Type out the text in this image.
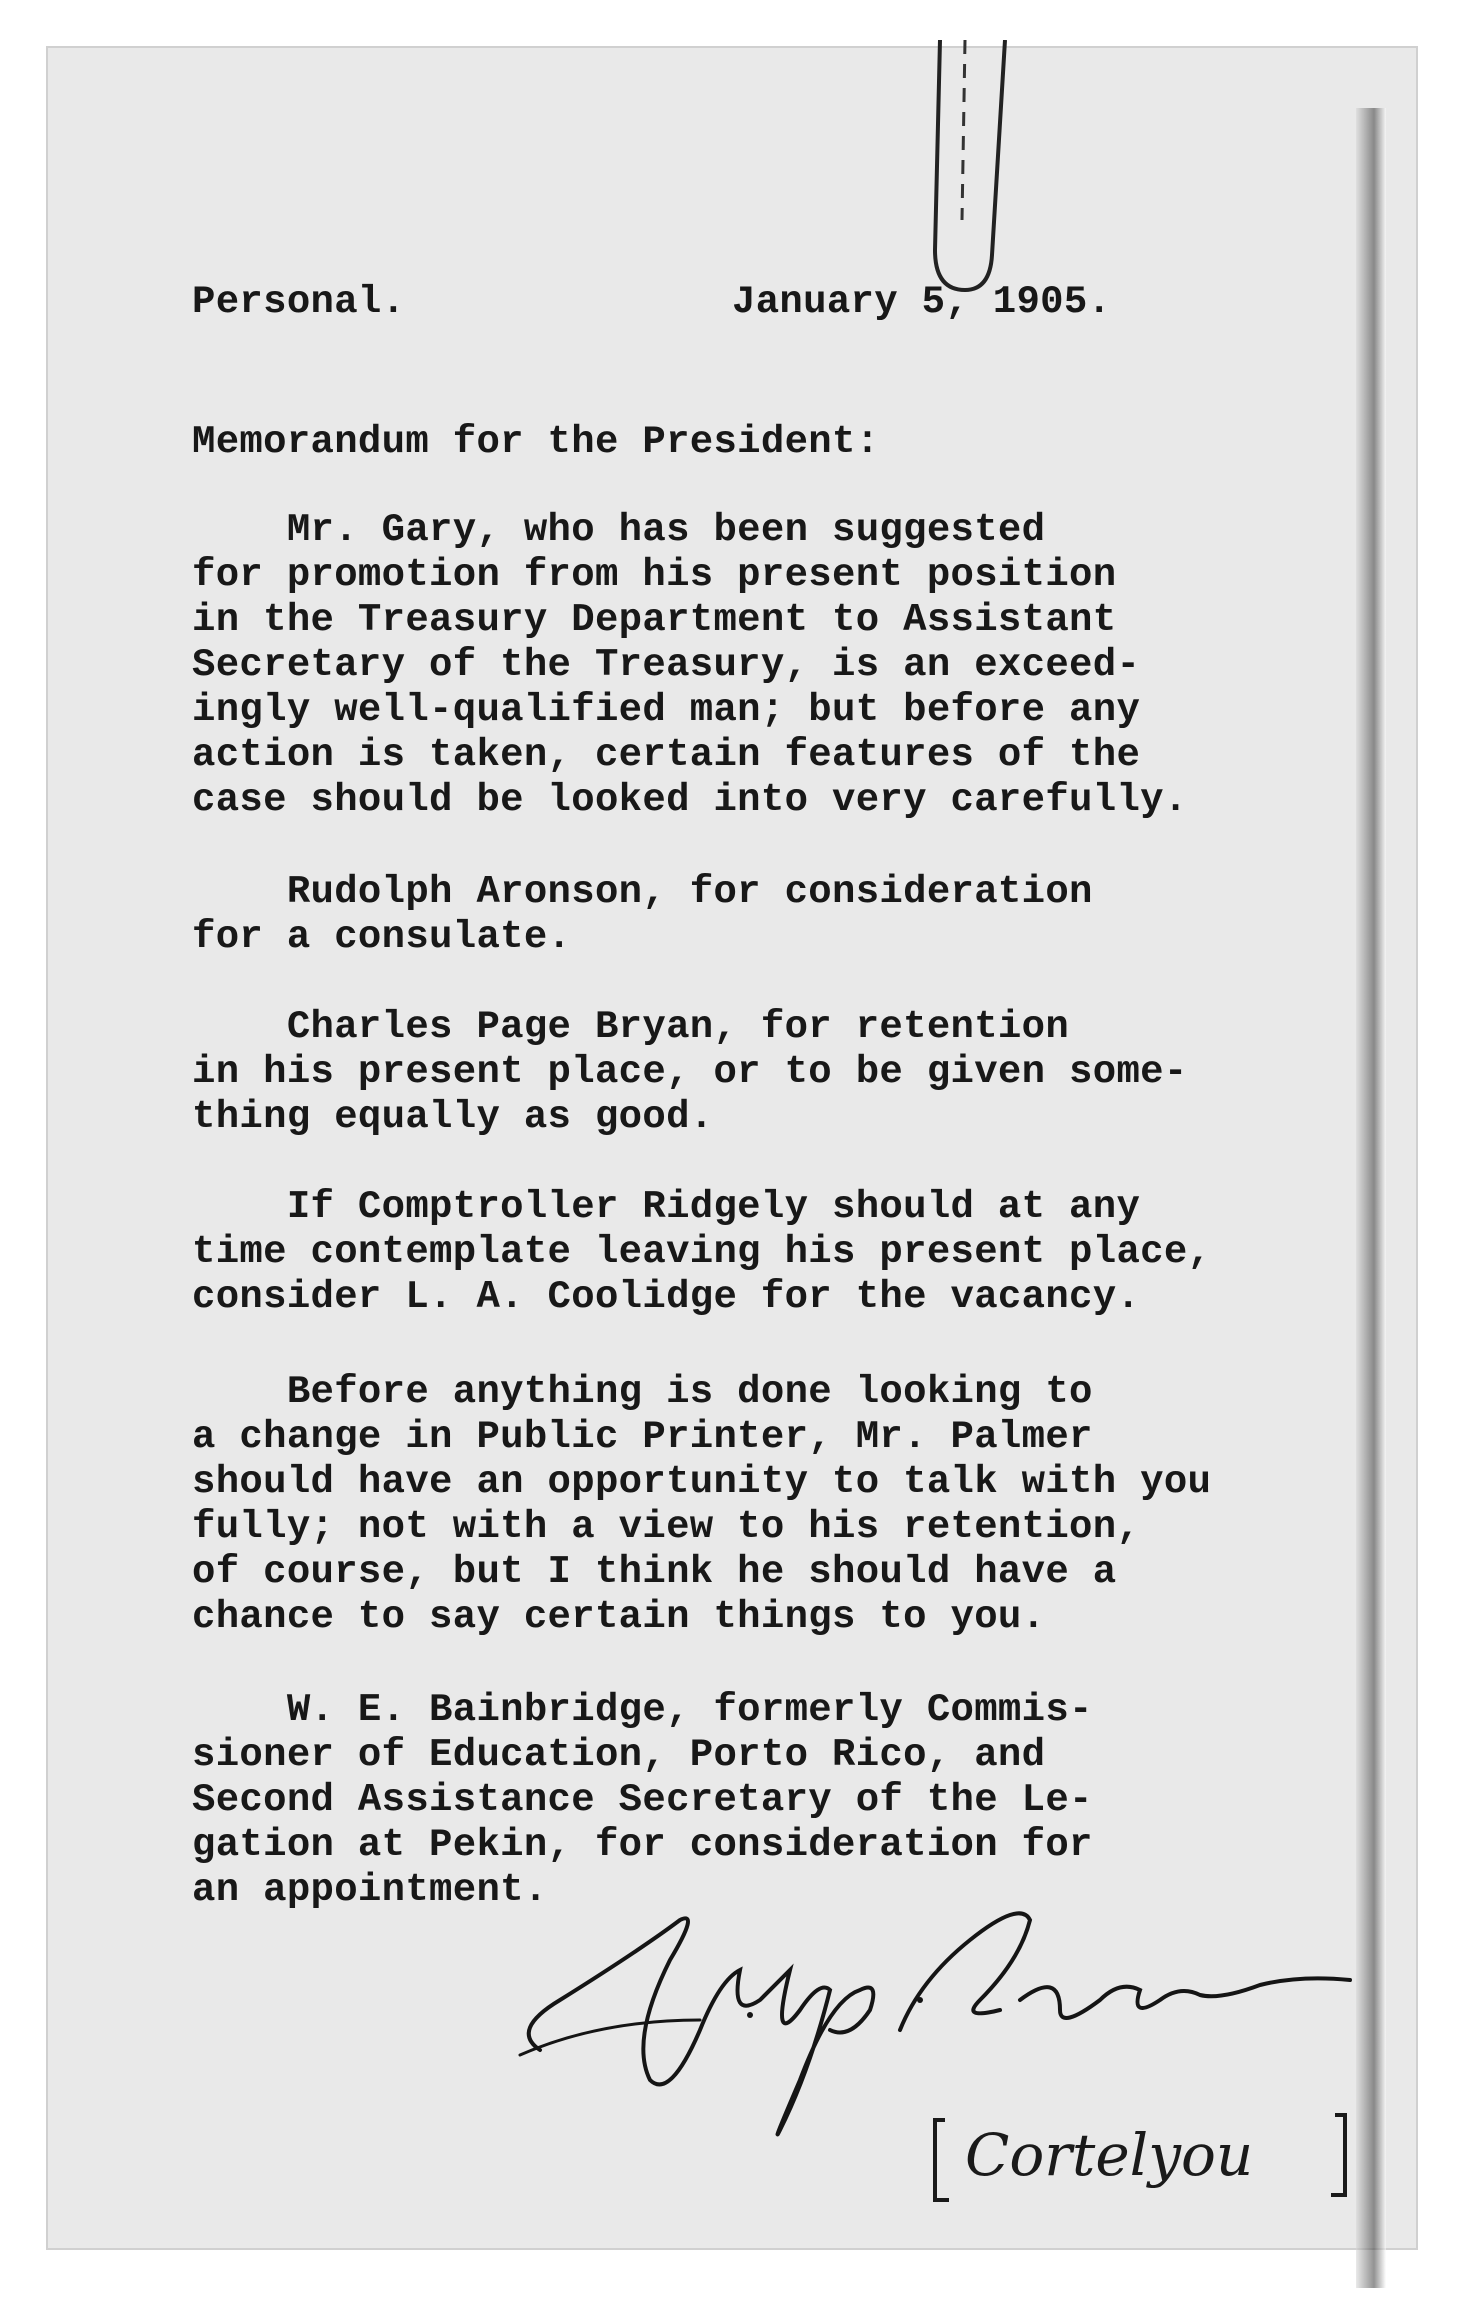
Personal.	January 5, 1905.
Memorandum for the President:
Mr. Gary, who has been suggested
for promotion from his present position
in the Treasury Department to Assistant
Secretary of the Treasury, is an exceed-
ingly well-qualified man; but before any
action is taken, certain features of the
case should be looked into very carefully.
Rudolph Aronson, for consideration
for a consulate.
Charles Page Bryan, for retention
in his present place, or to be given some-
thing equally as good.
If Comptroller Ridgely should at any
time contemplate leaving his present place,
consider L. A. Coolidge for the vacancy.
Before anything is done looking to
a change in Public Printer, Mr. Palmer
should have an opportunity to talk with you
fully; not with a view to his retention,
of course, but I think he should have a
chance to say certain things to you.
W. E. Bainbridge, formerly Commis-
sioner of Education, Porto Rico, and
Second Assistance Secretary of the Le-
gation at Pekin, for consideration for
an appointment.
Cortelyou
